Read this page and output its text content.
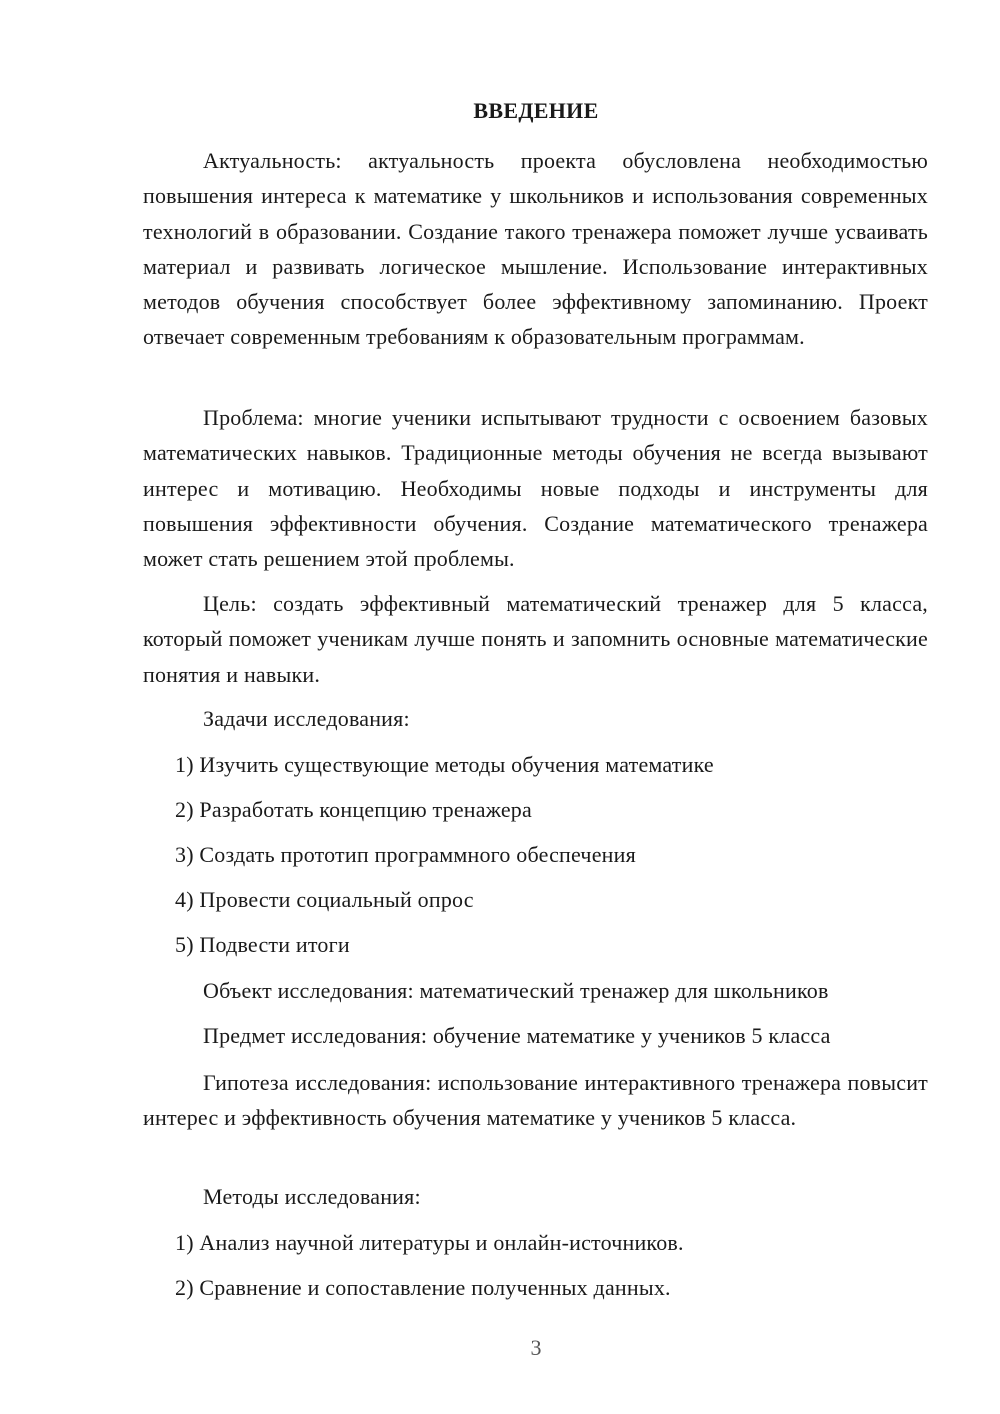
ВВЕДЕНИЕ

Актуальность: актуальность проекта обусловлена необходимостью повышения интереса к математике у школьников и использования современных технологий в образовании. Создание такого тренажера поможет лучше усваивать материал и развивать логическое мышление. Использование интерактивных методов обучения способствует более эффективному запоминанию. Проект отвечает современным требованиям к образовательным программам.

Проблема: многие ученики испытывают трудности с освоением базовых математических навыков. Традиционные методы обучения не всегда вызывают интерес и мотивацию. Необходимы новые подходы и инструменты для повышения эффективности обучения. Создание математического тренажера может стать решением этой проблемы.

Цель: создать эффективный математический тренажер для 5 класса, который поможет ученикам лучше понять и запомнить основные математические понятия и навыки.

Задачи исследования:
1) Изучить существующие методы обучения математике
2) Разработать концепцию тренажера
3) Создать прототип программного обеспечения
4) Провести социальный опрос
5) Подвести итоги
Объект исследования: математический тренажер для школьников
Предмет исследования: обучение математике у учеников 5 класса

Гипотеза исследования: использование интерактивного тренажера повысит интерес и эффективность обучения математике у учеников 5 класса.

Методы исследования:
1) Анализ научной литературы и онлайн-источников.
2) Сравнение и сопоставление полученных данных.
3
